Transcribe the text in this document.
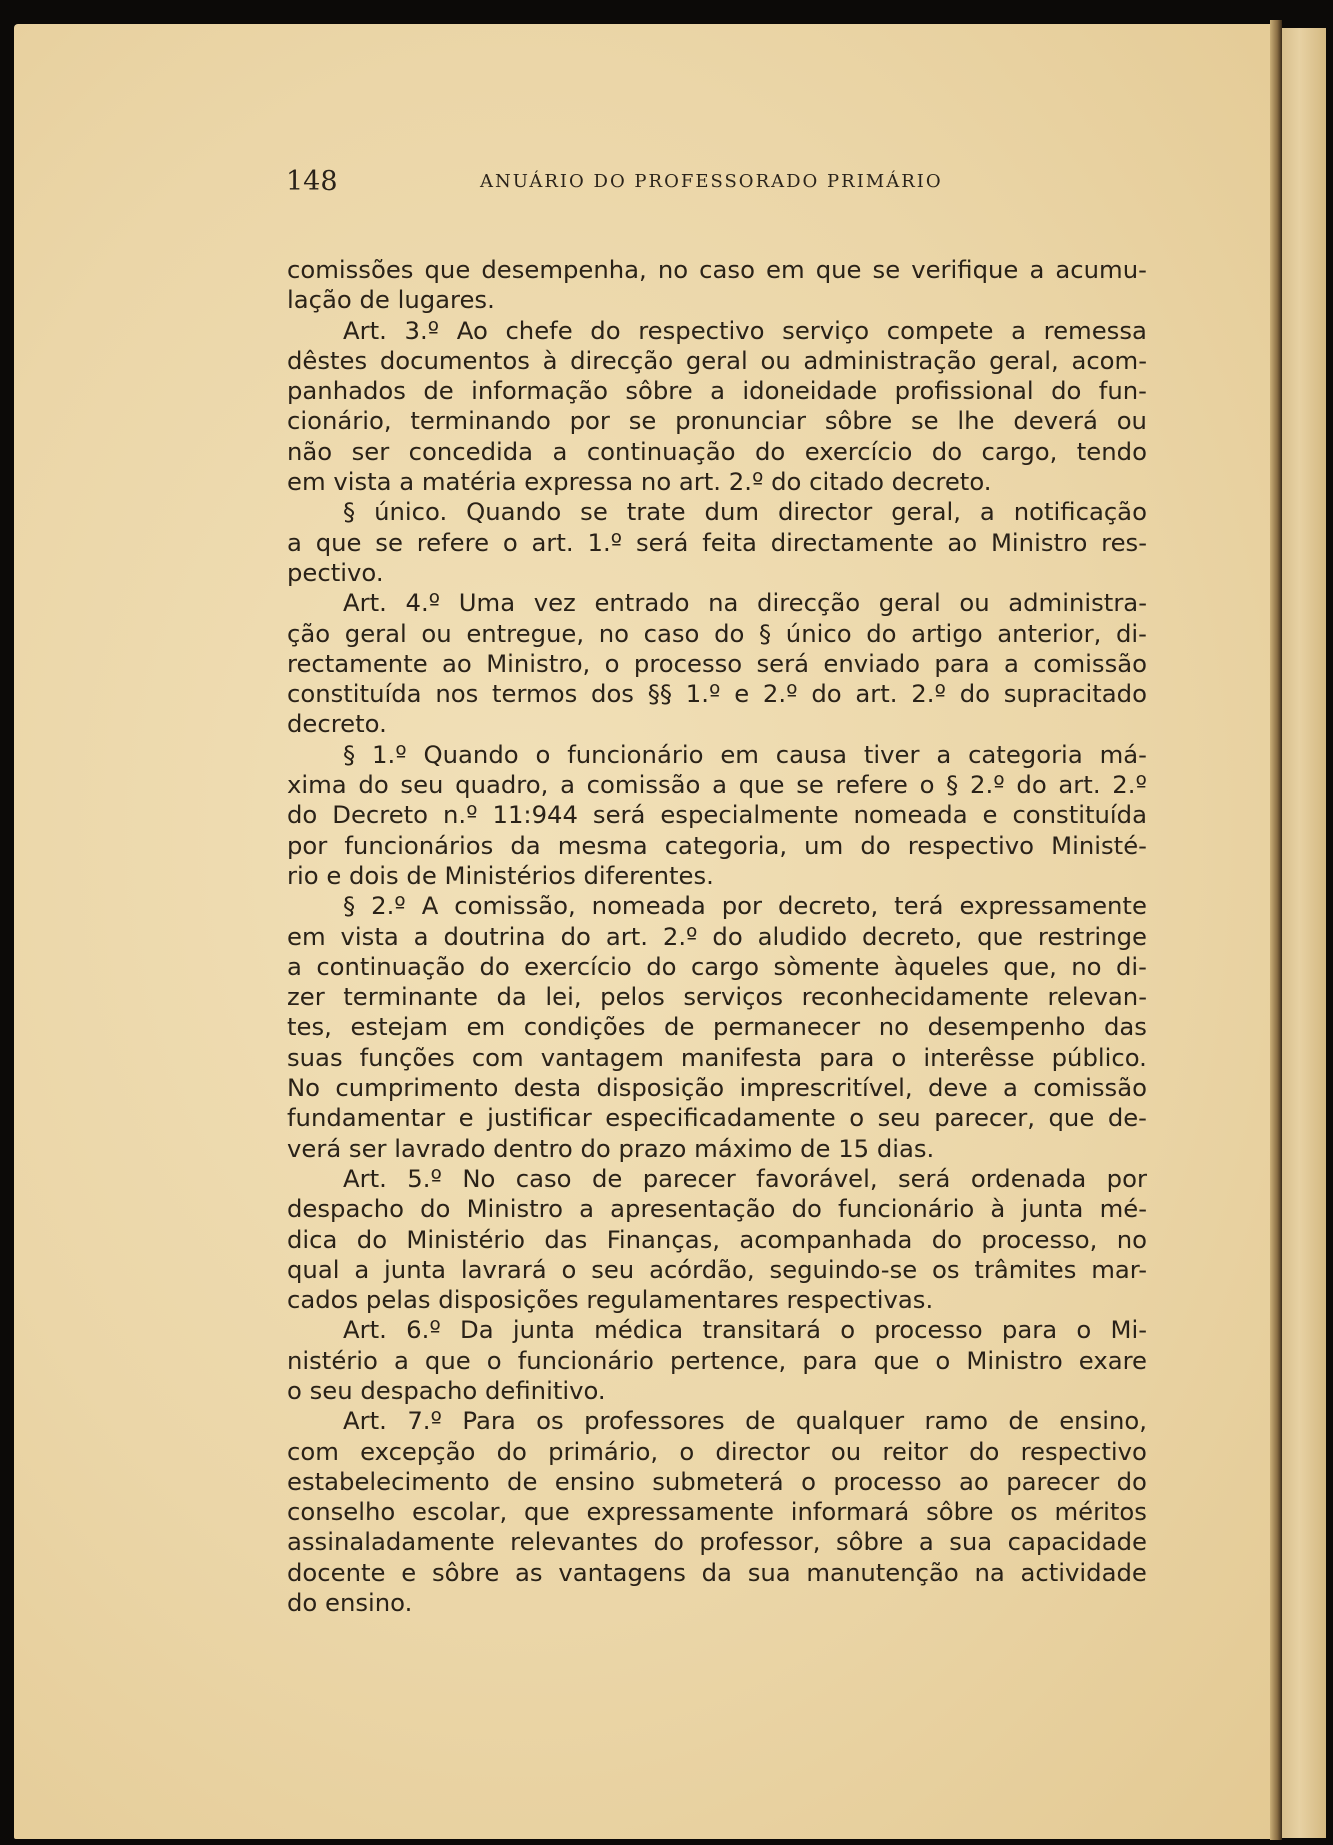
148	ANUÁRIO DO PROFESSORADO PRIMÁRIO
comissões que desempenha, no caso em que se verifique a acumu-
lação de lugares.
Art. 3.º Ao chefe do respectivo serviço compete a remessa
dêstes documentos à direcção geral ou administração geral, acom-
panhados de informação sôbre a idoneidade profissional do fun-
cionário, terminando por se pronunciar sôbre se lhe deverá ou
não ser concedida a continuação do exercício do cargo, tendo
em vista a matéria expressa no art. 2.º do citado decreto.
§ único. Quando se trate dum director geral, a notificação
a que se refere o art. 1.º será feita directamente ao Ministro res-
pectivo.
Art. 4.º Uma vez entrado na direcção geral ou administra-
ção geral ou entregue, no caso do § único do artigo anterior, di-
rectamente ao Ministro, o processo será enviado para a comissão
constituída nos termos dos §§ 1.º e 2.º do art. 2.º do supracitado
decreto.
§ 1.º Quando o funcionário em causa tiver a categoria má-
xima do seu quadro, a comissão a que se refere o § 2.º do art. 2.º
do Decreto n.º 11:944 será especialmente nomeada e constituída
por funcionários da mesma categoria, um do respectivo Ministé-
rio e dois de Ministérios diferentes.
§ 2.º A comissão, nomeada por decreto, terá expressamente
em vista a doutrina do art. 2.º do aludido decreto, que restringe
a continuação do exercício do cargo sòmente àqueles que, no di-
zer terminante da lei, pelos serviços reconhecidamente relevan-
tes, estejam em condições de permanecer no desempenho das
suas funções com vantagem manifesta para o interêsse público.
No cumprimento desta disposição imprescritível, deve a comissão
fundamentar e justificar especificadamente o seu parecer, que de-
verá ser lavrado dentro do prazo máximo de 15 dias.
Art. 5.º No caso de parecer favorável, será ordenada por
despacho do Ministro a apresentação do funcionário à junta mé-
dica do Ministério das Finanças, acompanhada do processo, no
qual a junta lavrará o seu acórdão, seguindo-se os trâmites mar-
cados pelas disposições regulamentares respectivas.
Art. 6.º Da junta médica transitará o processo para o Mi-
nistério a que o funcionário pertence, para que o Ministro exare
o seu despacho definitivo.
Art. 7.º Para os professores de qualquer ramo de ensino,
com excepção do primário, o director ou reitor do respectivo
estabelecimento de ensino submeterá o processo ao parecer do
conselho escolar, que expressamente informará sôbre os méritos
assinaladamente relevantes do professor, sôbre a sua capacidade
docente e sôbre as vantagens da sua manutenção na actividade
do ensino.
